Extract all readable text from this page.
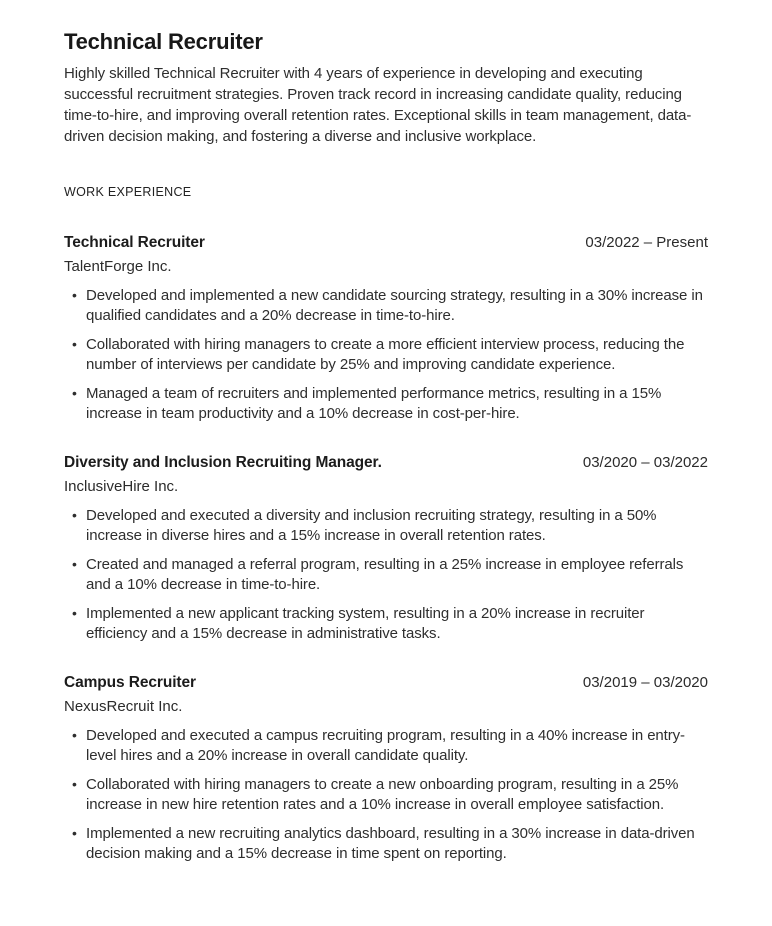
Technical Recruiter

Highly skilled Technical Recruiter with 4 years of experience in developing and executing successful recruitment strategies. Proven track record in increasing candidate quality, reducing time-to-hire, and improving overall retention rates. Exceptional skills in team management, data-driven decision making, and fostering a diverse and inclusive workplace.

WORK EXPERIENCE
Technical Recruiter	03/2022 – Present
TalentForge Inc.
• Developed and implemented a new candidate sourcing strategy, resulting in a 30% increase in qualified candidates and a 20% decrease in time-to-hire.
• Collaborated with hiring managers to create a more efficient interview process, reducing the number of interviews per candidate by 25% and improving candidate experience.
• Managed a team of recruiters and implemented performance metrics, resulting in a 15% increase in team productivity and a 10% decrease in cost-per-hire.
Diversity and Inclusion Recruiting Manager.	03/2020 – 03/2022
InclusiveHire Inc.
• Developed and executed a diversity and inclusion recruiting strategy, resulting in a 50% increase in diverse hires and a 15% increase in overall retention rates.
• Created and managed a referral program, resulting in a 25% increase in employee referrals and a 10% decrease in time-to-hire.
• Implemented a new applicant tracking system, resulting in a 20% increase in recruiter efficiency and a 15% decrease in administrative tasks.
Campus Recruiter	03/2019 – 03/2020
NexusRecruit Inc.
• Developed and executed a campus recruiting program, resulting in a 40% increase in entry-level hires and a 20% increase in overall candidate quality.
• Collaborated with hiring managers to create a new onboarding program, resulting in a 25% increase in new hire retention rates and a 10% increase in overall employee satisfaction.
• Implemented a new recruiting analytics dashboard, resulting in a 30% increase in data-driven decision making and a 15% decrease in time spent on reporting.
